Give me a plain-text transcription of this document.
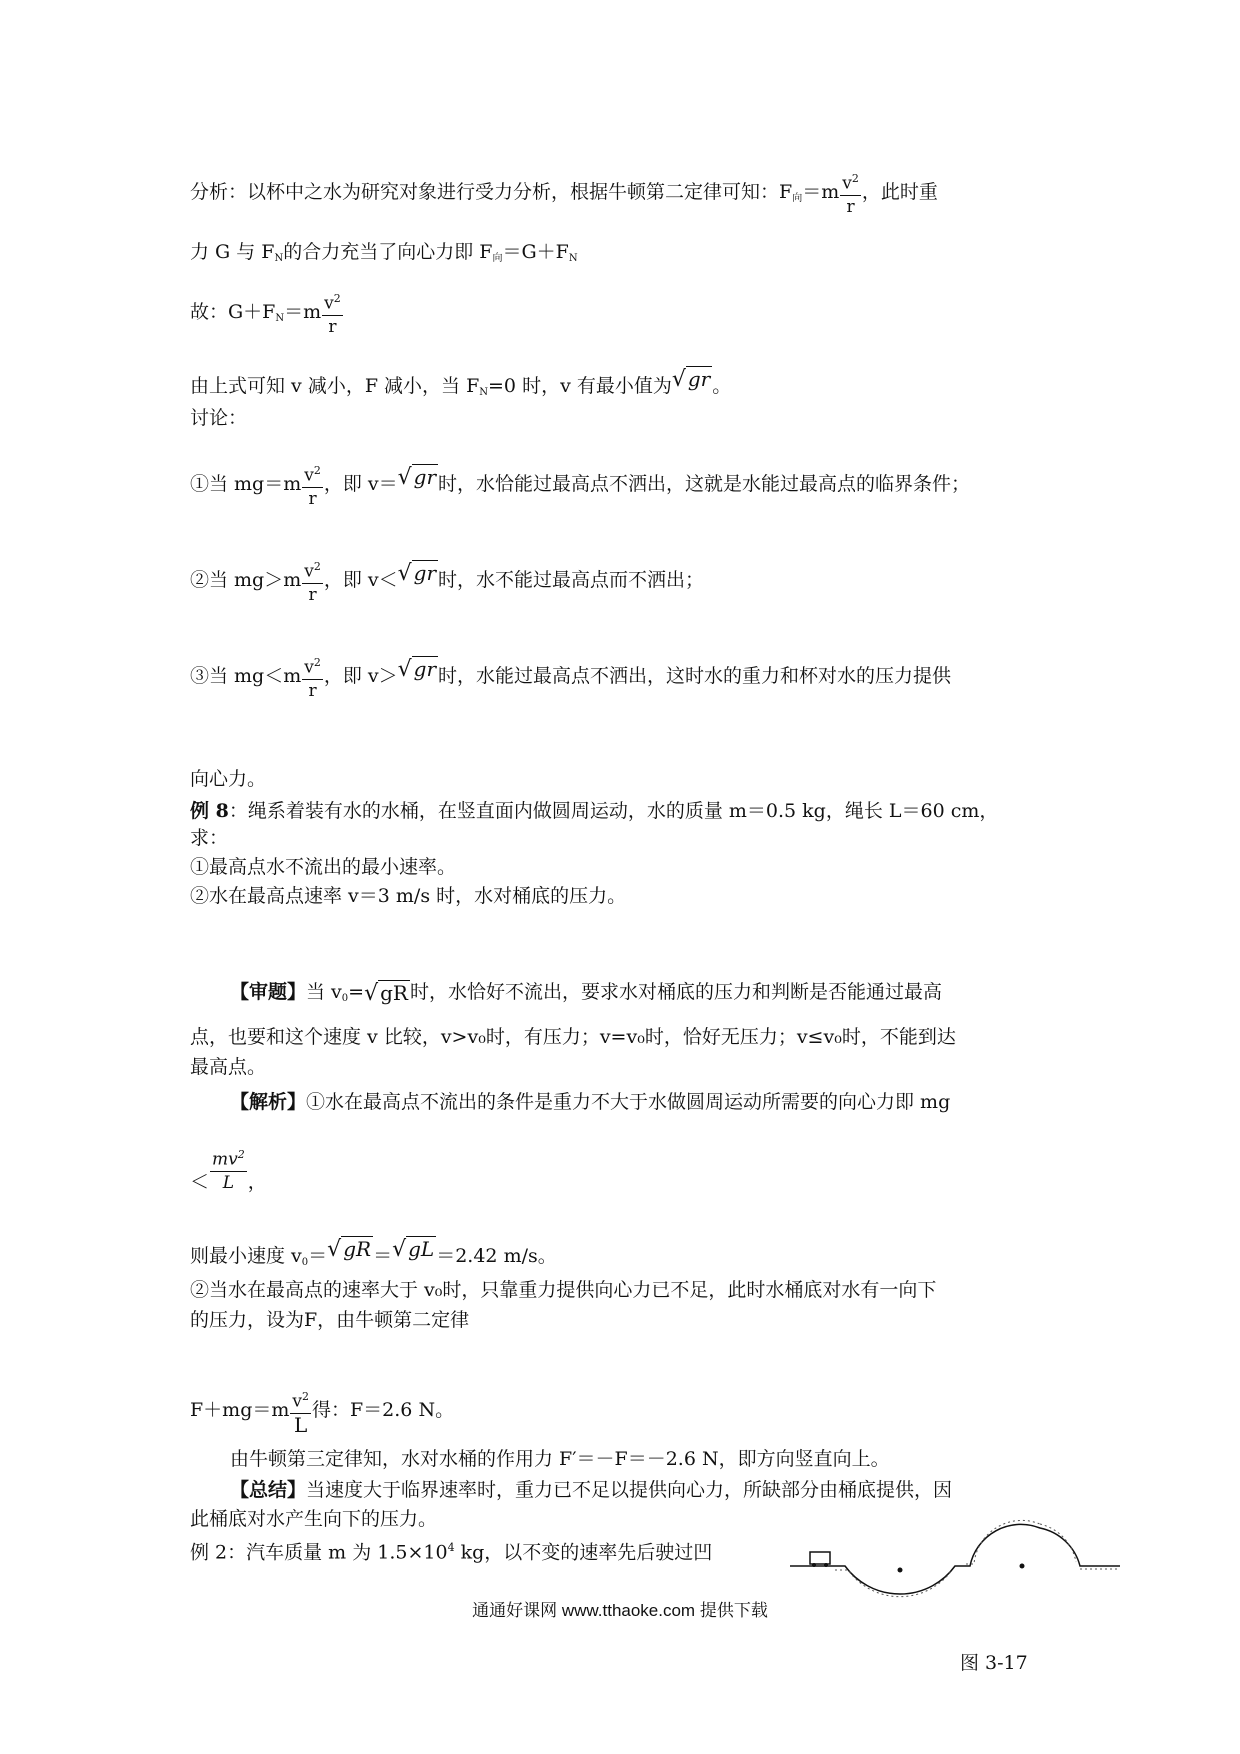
分析：以杯中之水为研究对象进行受力分析，根据牛顿第二定律可知：$F_向=m \frac{v^2}{r}$ ，此时重
力 G 与 $F_N$的合力充当了向心力即 $F_向=G+F_N$
故：$G+F_N=m \frac{v^2}{r}$
由上式可知 v 减小，F 减小，当 $F_N=0$ 时，v 有最小值为√ gr 。
讨论：
①当 $mg=m \frac{v^2}{r}$ ，即 v＝√ gr 时，水恰能过最高点不洒出，这就是水能过最高点的临界条件；
②当 $mg>m \frac{v^2}{r}$ ，即 v＜√ gr 时，水不能过最高点而不洒出；
③当 $mg<m \frac{v^2}{r}$ ，即 v＞√ gr 时，水能过最高点不洒出，这时水的重力和杯对水的压力提供
向心力。
例 8：绳系着装有水的水桶，在竖直面内做圆周运动，水的质量 m＝0.5 kg，绳长 L＝60 cm，
求：
①最高点水不流出的最小速率。
②水在最高点速率 v＝3 m/s 时，水对桶底的压力。
【审题】当 $v_0=√$ gR 时，水恰好不流出，要求水对桶底的压力和判断是否能通过最高
点，也要和这个速度 v 比较，v>v₀时，有压力；v=v₀时，恰好无压力；v≤v₀时，不能到达
最高点。
【解析】①水在最高点不流出的条件是重力不大于水做圆周运动所需要的向心力即 mg
＜ $\frac{mv^2}{L}$ ，
则最小速度 $v_0=√$ gR ＝√ gL ＝2.42 m/s。
②当水在最高点的速率大于 v₀时，只靠重力提供向心力已不足，此时水桶底对水有一向下
的压力，设为F，由牛顿第二定律
$F+mg=m \frac{v^2}{L}$ 得：F＝2.6 N。
由牛顿第三定律知，水对水桶的作用力 F′＝－F＝－2.6 N，即方向竖直向上。
【总结】当速度大于临界速率时，重力已不足以提供向心力，所缺部分由桶底提供，因
此桶底对水产生向下的压力。
例 2：汽车质量 m 为 $1.5\times 10^4$ kg，以不变的速率先后驶过凹
通通好课网 www.tthaoke.com 提供下载
图 3-17
